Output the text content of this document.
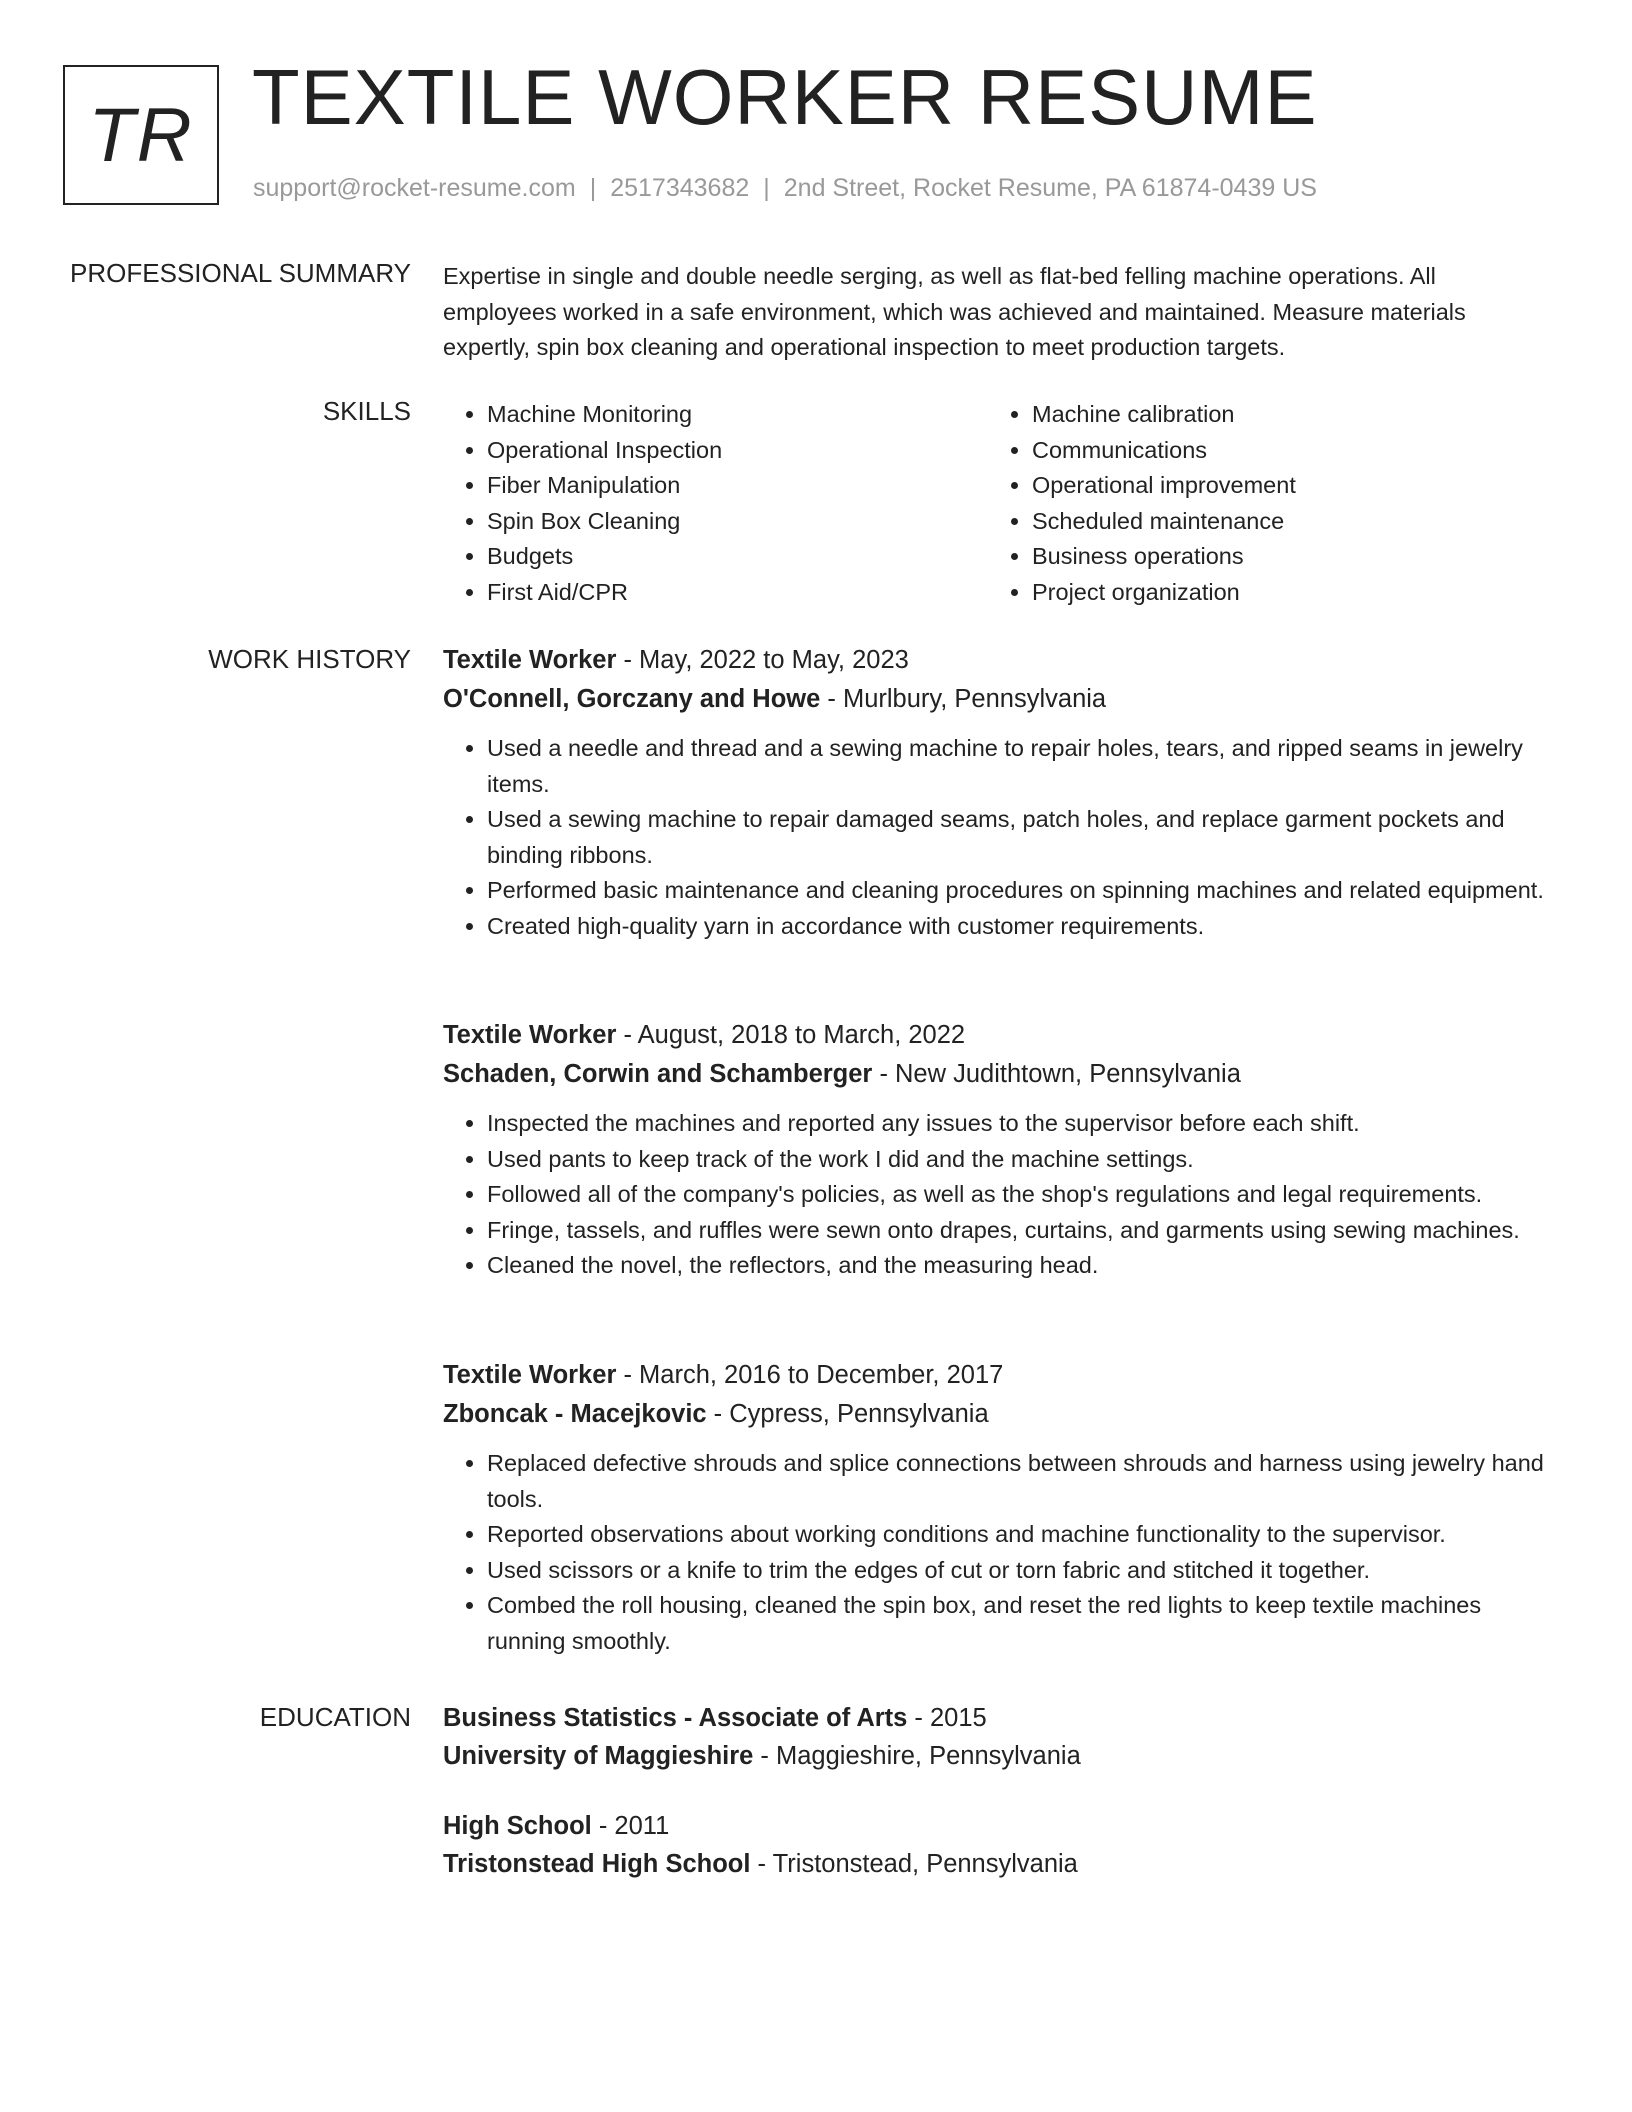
TR TEXTILE WORKER RESUME
support@rocket-resume.com | 2517343682 | 2nd Street, Rocket Resume, PA 61874-0439 US
PROFESSIONAL SUMMARY Expertise in single and double needle serging, as well as flat-bed felling machine operations. All employees worked in a safe environment, which was achieved and maintained. Measure materials expertly, spin box cleaning and operational inspection to meet production targets.
SKILLS
•	Machine Monitoring
• Operational Inspection
• Fiber Manipulation
• Spin Box Cleaning
• Budgets
• First Aid/CPR
• Machine calibration
• Communications
• Operational improvement
• Scheduled maintenance
• Business operations
• Project organization
WORK HISTORY Textile Worker - May, 2022 to May, 2023
O'Connell, Gorczany and Howe - Murlbury, Pennsylvania
• Used a needle and thread and a sewing machine to repair holes, tears, and ripped seams in jewelry items.
• Used a sewing machine to repair damaged seams, patch holes, and replace garment pockets and binding ribbons.
• Performed basic maintenance and cleaning procedures on spinning machines and related equipment.
• Created high-quality yarn in accordance with customer requirements.
Textile Worker - August, 2018 to March, 2022
Schaden, Corwin and Schamberger - New Judithtown, Pennsylvania
• Inspected the machines and reported any issues to the supervisor before each shift.
• Used pants to keep track of the work I did and the machine settings.
• Followed all of the company's policies, as well as the shop's regulations and legal requirements.
• Fringe, tassels, and ruffles were sewn onto drapes, curtains, and garments using sewing machines.
• Cleaned the novel, the reflectors, and the measuring head.
Textile Worker - March, 2016 to December, 2017
Zboncak - Macejkovic - Cypress, Pennsylvania
• Replaced defective shrouds and splice connections between shrouds and harness using jewelry hand tools.
• Reported observations about working conditions and machine functionality to the supervisor.
• Used scissors or a knife to trim the edges of cut or torn fabric and stitched it together.
• Combed the roll housing, cleaned the spin box, and reset the red lights to keep textile machines running smoothly.
EDUCATION Business Statistics - Associate of Arts - 2015
University of Maggieshire - Maggieshire, Pennsylvania
High School - 2011
Tristonstead High School - Tristonstead, Pennsylvania
